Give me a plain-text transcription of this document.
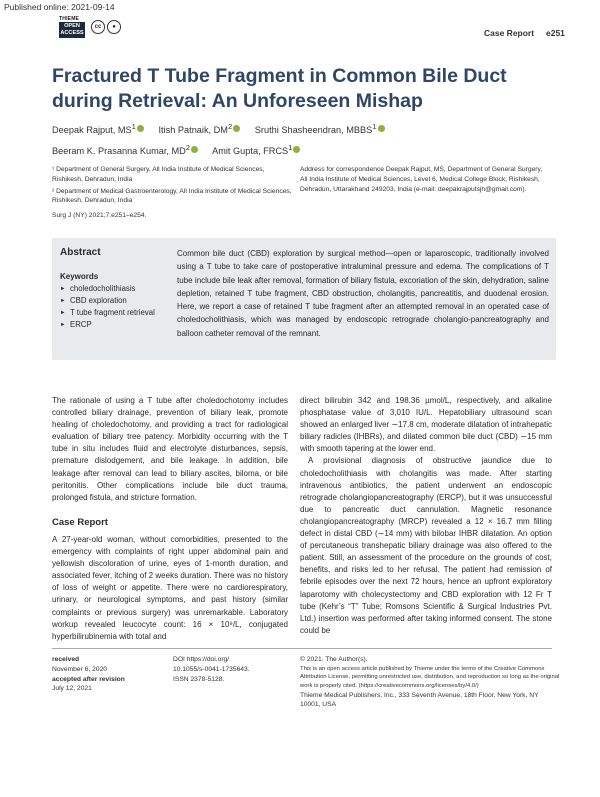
Published online: 2021-09-14
THIEME
OPEN
ACCESS
cc ●
Case Report e251
Fractured T Tube Fragment in Common Bile Duct during Retrieval: An Unforeseen Mishap
Deepak Rajput, $MS^1$ Itish Patnaik, $DM^2$ Sruthi Shasheendran, MBBS$^1$
Beeram K. Prasanna Kumar, $MD^2$ Amit Gupta, FRCS$^1$

¹ Department of General Surgery, All India Institute of Medical Sciences, Rishikesh, Dehradun, India

² Department of Medical Gastroenterology, All India Institute of Medical Sciences, Rishikesh, Dehradun, India

Address for correspondence Deepak Rajput, MS, Department of General Surgery, All India Institute of Medical Sciences, Level 6, Medical College Block, Rishikesh, Dehradun, Uttarakhand 249203, India (e-mail: deepakrajputsjh@gmail.com).
Surg J (NY) 2021;7:e251–e254.
Abstract
Keywords
► choledocholithiasis
► CBD exploration
► T tube fragment retrieval
► ERCP
Common bile duct (CBD) exploration by surgical method—open or laparoscopic, traditionally involved using a T tube to take care of postoperative intraluminal pressure and edema. The complications of T tube include bile leak after removal, formation of biliary fistula, excoriation of the skin, dehydration, saline depletion, retained T tube fragment, CBD obstruction, cholangitis, pancreatitis, and duodenal erosion. Here, we report a case of retained T tube fragment after an attempted removal in an operated case of choledocholithiasis, which was managed by endoscopic retrograde cholangio-pancreatography and balloon catheter removal of the remnant.

The rationale of using a T tube after choledochotomy includes controlled biliary drainage, prevention of biliary leak, promote healing of choledochotomy, and providing a tract for radiological evaluation of biliary tree patency. Morbidity occurring with the T tube in situ includes fluid and electrolyte disturbances, sepsis, premature dislodgement, and bile leakage. In addition, bile leakage after removal can lead to biliary ascites, biloma, or bile peritonitis. Other complications include bile duct trauma, prolonged fistula, and stricture formation.

Case Report

A 27-year-old woman, without comorbidities, presented to the emergency with complaints of right upper abdominal pain and yellowish discoloration of urine, eyes of 1-month duration, and associated fever, itching of 2 weeks duration. There was no history of loss of weight or appetite. There were no cardiorespiratory, urinary, or neurological symptoms, and past history (similar complaints or previous surgery) was unremarkable. Laboratory workup revealed leucocyte count: 16 × 10⁹/L, conjugated hyperbilirubinemia with total and

direct bilirubin 342 and 198.36 µmol/L, respectively, and alkaline phosphatase value of 3,010 IU/L. Hepatobiliary ultrasound scan showed an enlarged liver ∼17.8 cm, moderate dilatation of intrahepatic biliary radicles (IHBRs), and dilated common bile duct (CBD) ∼15 mm with smooth tapering at the lower end.

A provisional diagnosis of obstructive jaundice due to choledocholithiasis with cholangitis was made. After starting intravenous antibiotics, the patient underwent an endoscopic retrograde cholangiopancreatography (ERCP), but it was unsuccessful due to pancreatic duct cannulation. Magnetic resonance cholangiopancreatography (MRCP) revealed a 12 × 16.7 mm filling defect in distal CBD (∼14 mm) with bilobar IHBR dilatation. An option of percutaneous transhepatic biliary drainage was also offered to the patient. Still, an assessment of the procedure on the grounds of cost, benefits, and risks led to her refusal. The patient had remission of febrile episodes over the next 72 hours, hence an upfront exploratory laparotomy with cholecystectomy and CBD exploration with 12 Fr T tube (Kehr’s “T” Tube; Romsons Scientific & Surgical Industries Pvt. Ltd.) insertion was performed after taking informed consent. The stone could be

received
November 6, 2020
accepted after revision
July 12, 2021
DOI https://doi.org/
10.1055/s-0041-1735643.
ISSN 2378-5128.
© 2021. The Author(s).

This is an open access article published by Thieme under the terms of the Creative Commons Attribution License, permitting unrestricted use, distribution, and reproduction so long as the original work is properly cited. (https://creativecommons.org/licenses/by/4.0/)
Thieme Medical Publishers, Inc., 333 Seventh Avenue, 18th Floor, New York, NY 10001, USA
